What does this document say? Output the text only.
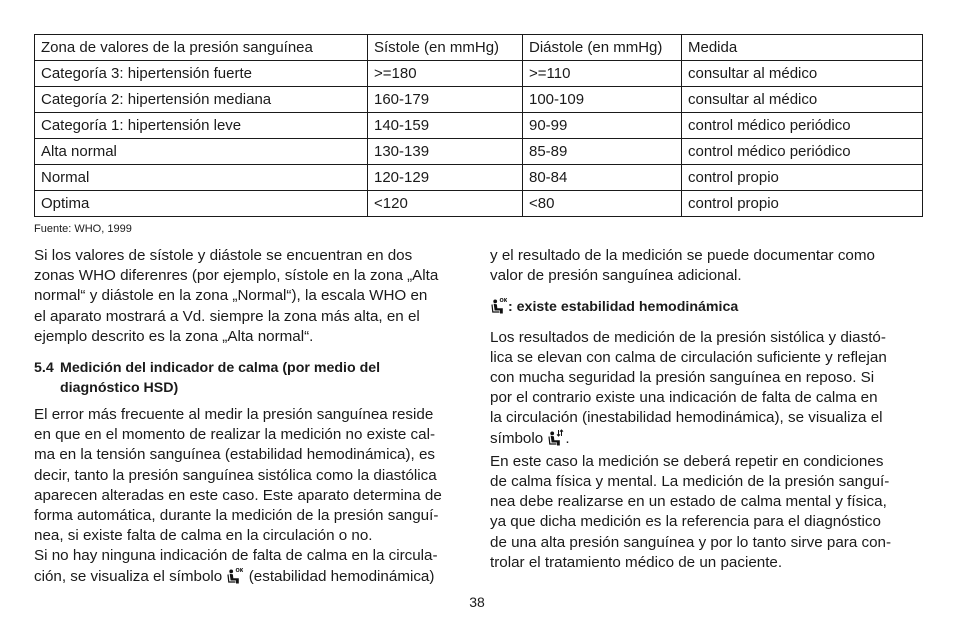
Zona de valores de la presión sanguínea	Sístole (en mmHg)	Diástole (en mmHg)	Medida
Categoría 3: hipertensión fuerte	>=180	>=110	consultar al médico
Categoría 2: hipertensión mediana	160-179	100-109	consultar al médico
Categoría 1: hipertensión leve	140-159	90-99	control médico periódico
Alta normal	130-139	85-89	control médico periódico
Normal	120-129	80-84	control propio
Optima	<120	<80	control propio
Fuente: WHO, 1999

Si los valores de sístole y diástole se encuentran en dos

zonas WHO diferenres (por ejemplo, sístole en la zona „Alta

normal“ y diástole en la zona „Normal“), la escala WHO en

el aparato mostrará a Vd. siempre la zona más alta, en el

ejemplo descrito es la zona „Alta normal“.

5.4 Medición del indicador de calma (por medio del
diagnóstico HSD)

El error más frecuente al medir la presión sanguínea reside

en que en el momento de realizar la medición no existe cal-

ma en la tensión sanguínea (estabilidad hemodinámica), es

decir, tanto la presión sanguínea sistólica como la diastólica

aparecen alteradas en este caso. Este aparato determina de

forma automática, durante la medición de la presión sanguí-

nea, si existe falta de calma en la circulación o no.

Si no hay ninguna indicación de falta de calma en la circula-

ción, se visualiza el símbolo	OK (estabilidad hemodinámica)

y el resultado de la medición se puede documentar como

valor de presión sanguínea adicional.

OK : existe estabilidad hemodinámica

Los resultados de medición de la presión sistólica y diastó-

lica se elevan con calma de circulación suficiente y reflejan

con mucha seguridad la presión sanguínea en reposo. Si

por el contrario existe una indicación de falta de calma en

la circulación (inestabilidad hemodinámica), se visualiza el

símbolo .

En este caso la medición se deberá repetir en condiciones

de calma física y mental. La medición de la presión sanguí-

nea debe realizarse en un estado de calma mental y física,

ya que dicha medición es la referencia para el diagnóstico

de una alta presión sanguínea y por lo tanto sirve para con-

trolar el tratamiento médico de un paciente.

38
